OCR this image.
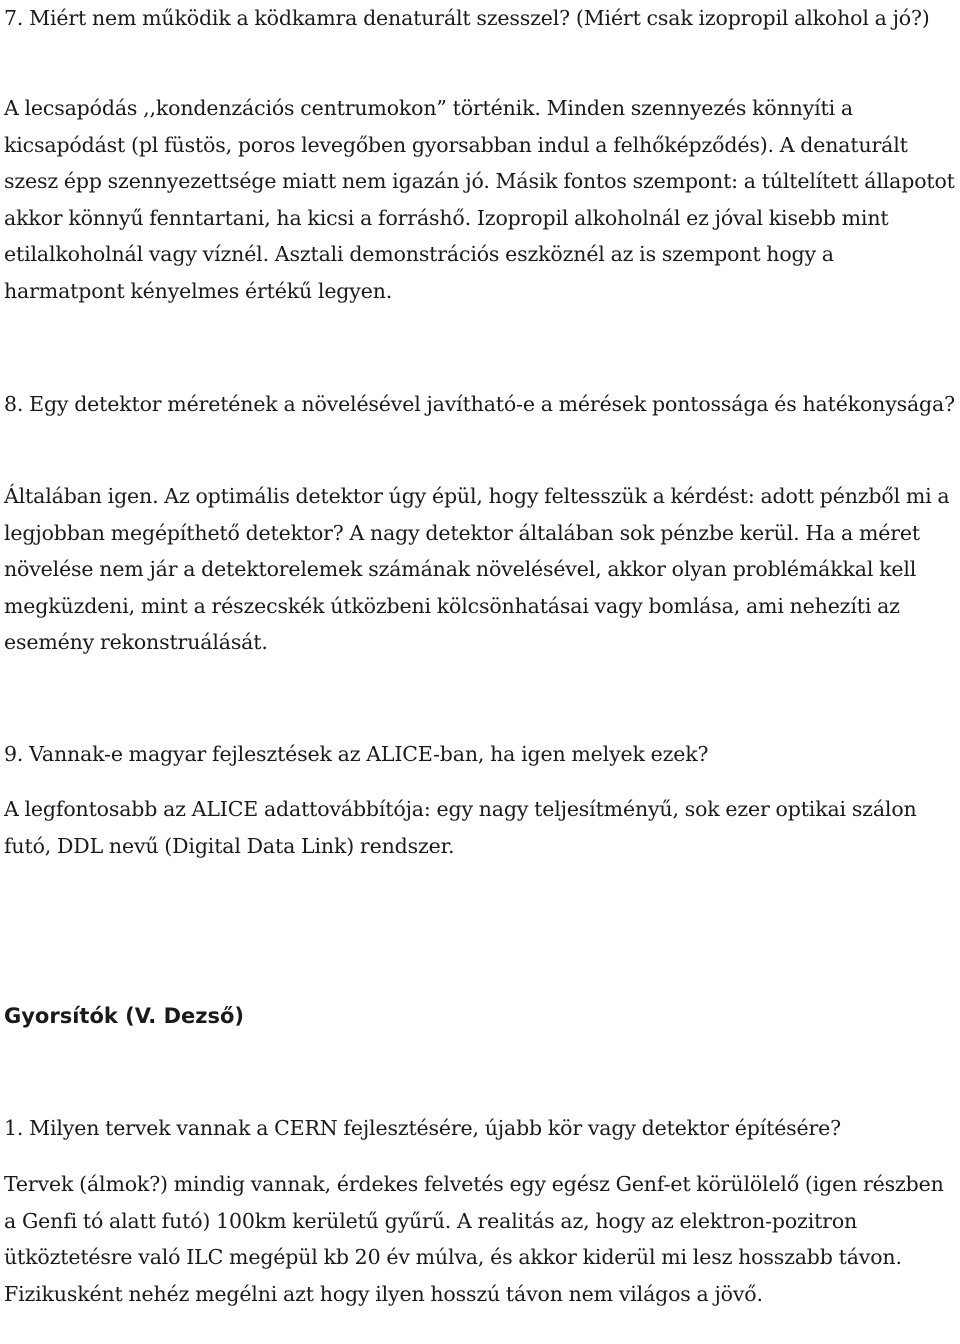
7. Miért nem működik a ködkamra denaturált szesszel? (Miért csak izopropil alkohol a jó?)

A lecsapódás ,,kondenzációs centrumokon” történik. Minden szennyezés könnyíti a kicsapódást (pl füstös, poros levegőben gyorsabban indul a felhőképződés). A denaturált szesz épp szennyezettsége miatt nem igazán jó. Másik fontos szempont: a túltelített állapotot akkor könnyű fenntartani, ha kicsi a forráshő. Izopropil alkoholnál ez jóval kisebb mint etilalkoholnál vagy víznél. Asztali demonstrációs eszköznél az is szempont hogy a harmatpont kényelmes értékű legyen.

8. Egy detektor méretének a növelésével javítható-e a mérések pontossága és hatékonysága?

Általában igen. Az optimális detektor úgy épül, hogy feltesszük a kérdést: adott pénzből mi a legjobban megépíthető detektor? A nagy detektor általában sok pénzbe kerül. Ha a méret növelése nem jár a detektorelemek számának növelésével, akkor olyan problémákkal kell megküzdeni, mint a részecskék útközbeni kölcsönhatásai vagy bomlása, ami nehezíti az esemény rekonstruálását.

9. Vannak-e magyar fejlesztések az ALICE-ban, ha igen melyek ezek?

A legfontosabb az ALICE adattovábbítója: egy nagy teljesítményű, sok ezer optikai szálon futó, DDL nevű (Digital Data Link) rendszer.

Gyorsítók (V. Dezső)

1. Milyen tervek vannak a CERN fejlesztésére, újabb kör vagy detektor építésére?

Tervek (álmok?) mindig vannak, érdekes felvetés egy egész Genf-et körülölelő (igen részben a Genfi tó alatt futó) 100km kerületű gyűrű. A realitás az, hogy az elektron-pozitron ütköztetésre való ILC megépül kb 20 év múlva, és akkor kiderül mi lesz hosszabb távon. Fizikusként nehéz megélni azt hogy ilyen hosszú távon nem világos a jövő.
